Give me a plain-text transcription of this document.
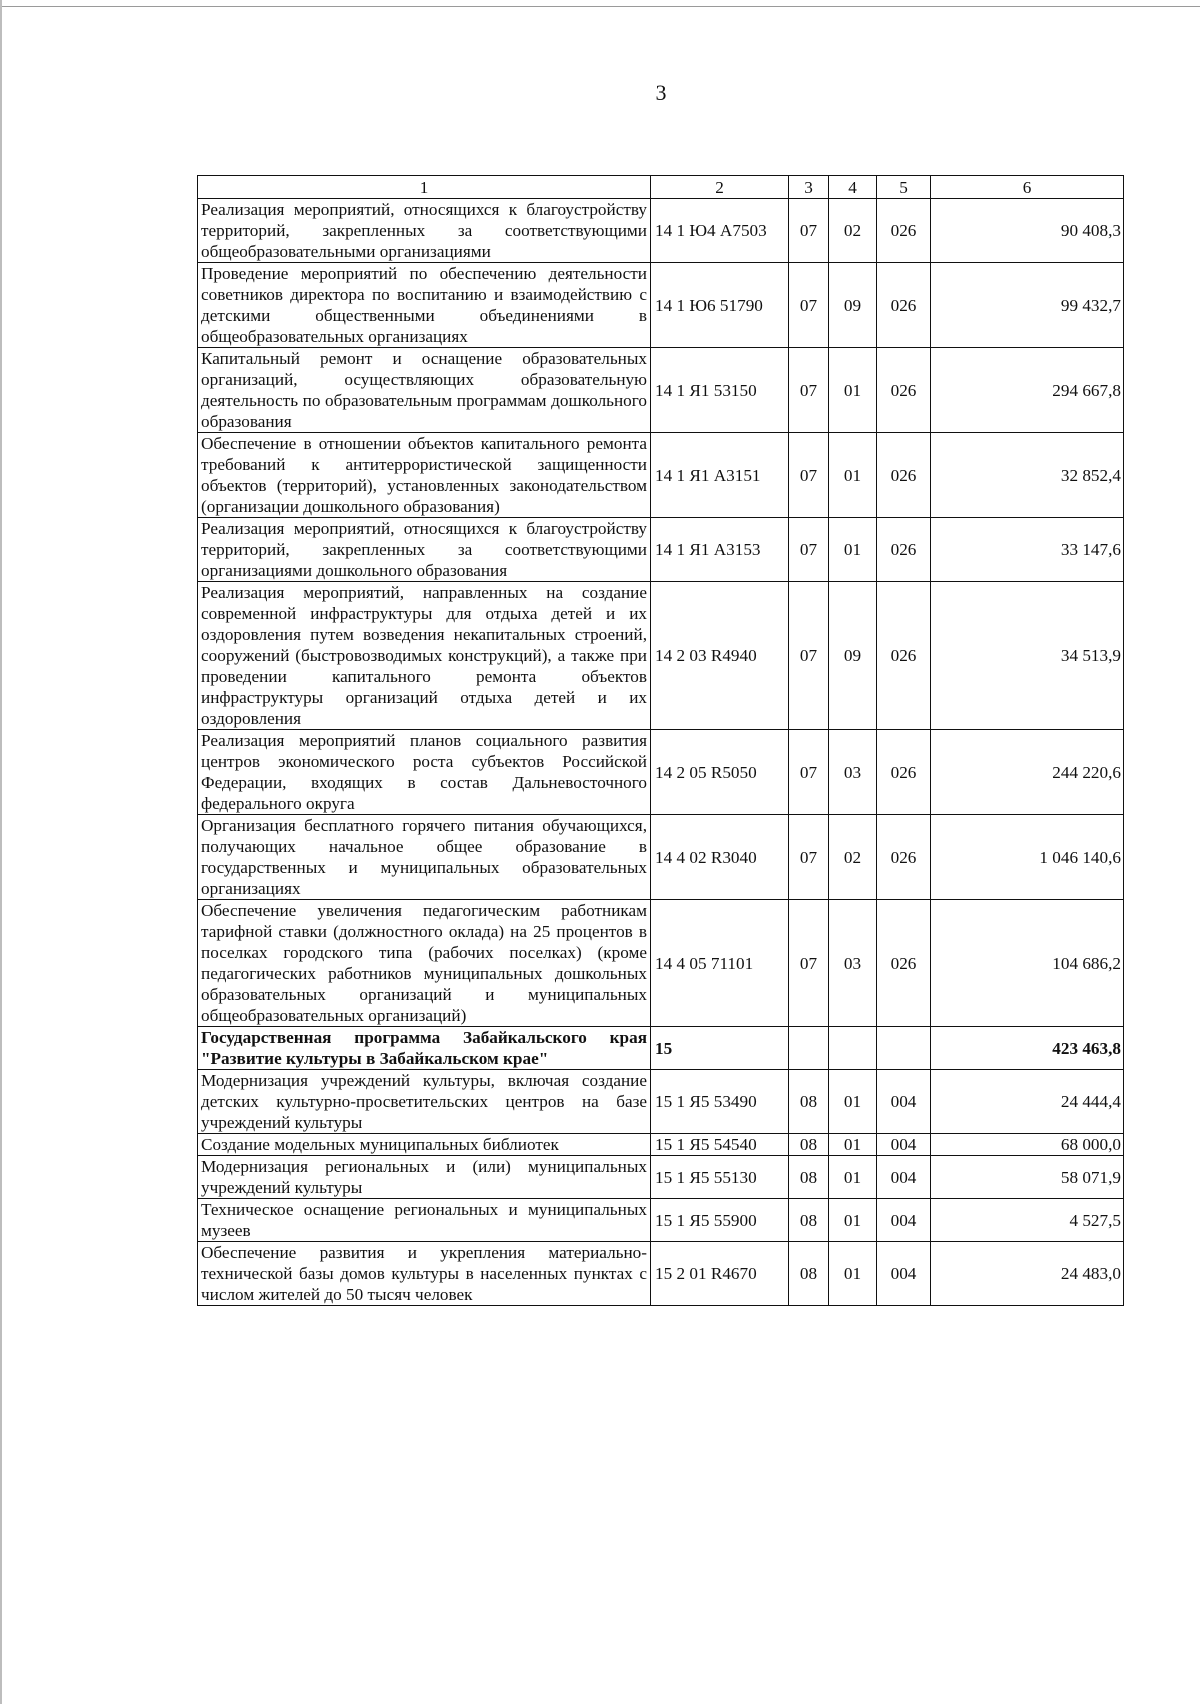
3
1	2	3	4	5	6
Реализация мероприятий, относящихся к благоустройству территорий, закрепленных за соответствующими общеобразовательными организациями	14 1 Ю4 А7503	07	02	026	90 408,3
Проведение мероприятий по обеспечению деятельности советников директора по воспитанию и взаимодействию с детскими общественными объединениями в общеобразовательных организациях	14 1 Ю6 51790	07	09	026	99 432,7
Капитальный ремонт и оснащение образовательных организаций, осуществляющих образовательную деятельность по образовательным программам дошкольного образования	14 1 Я1 53150	07	01	026	294 667,8
Обеспечение в отношении объектов капитального ремонта требований к антитеррористической защищенности объектов (территорий), установленных законодательством (организации дошкольного образования)	14 1 Я1 А3151	07	01	026	32 852,4
Реализация мероприятий, относящихся к благоустройству территорий, закрепленных за соответствующими организациями дошкольного образования	14 1 Я1 А3153	07	01	026	33 147,6
Реализация мероприятий, направленных на создание современной инфраструктуры для отдыха детей и их оздоровления путем возведения некапитальных строений, сооружений (быстровозводимых конструкций), а также при проведении капитального ремонта объектов инфраструктуры организаций отдыха детей и их оздоровления	14 2 03 R4940	07	09	026	34 513,9
Реализация мероприятий планов социального развития центров экономического роста субъектов Российской Федерации, входящих в состав Дальневосточного федерального округа	14 2 05 R5050	07	03	026	244 220,6
Организация бесплатного горячего питания обучающихся, получающих начальное общее образование в государственных и муниципальных образовательных организациях	14 4 02 R3040	07	02	026	1 046 140,6
Обеспечение увеличения педагогическим работникам тарифной ставки (должностного оклада) на 25 процентов в поселках городского типа (рабочих поселках) (кроме педагогических работников муниципальных дошкольных образовательных организаций и муниципальных общеобразовательных организаций)	14 4 05 71101	07	03	026	104 686,2
Государственная программа Забайкальского края "Развитие культуры в Забайкальском крае"	15				423 463,8
Модернизация учреждений культуры, включая создание детских культурно-просветительских центров на базе учреждений культуры	15 1 Я5 53490	08	01	004	24 444,4
Создание модельных муниципальных библиотек	15 1 Я5 54540	08	01	004	68 000,0
Модернизация региональных и (или) муниципальных учреждений культуры	15 1 Я5 55130	08	01	004	58 071,9
Техническое оснащение региональных и муниципальных музеев	15 1 Я5 55900	08	01	004	4 527,5
Обеспечение развития и укрепления материально-технической базы домов культуры в населенных пунктах с числом жителей до 50 тысяч человек	15 2 01 R4670	08	01	004	24 483,0
